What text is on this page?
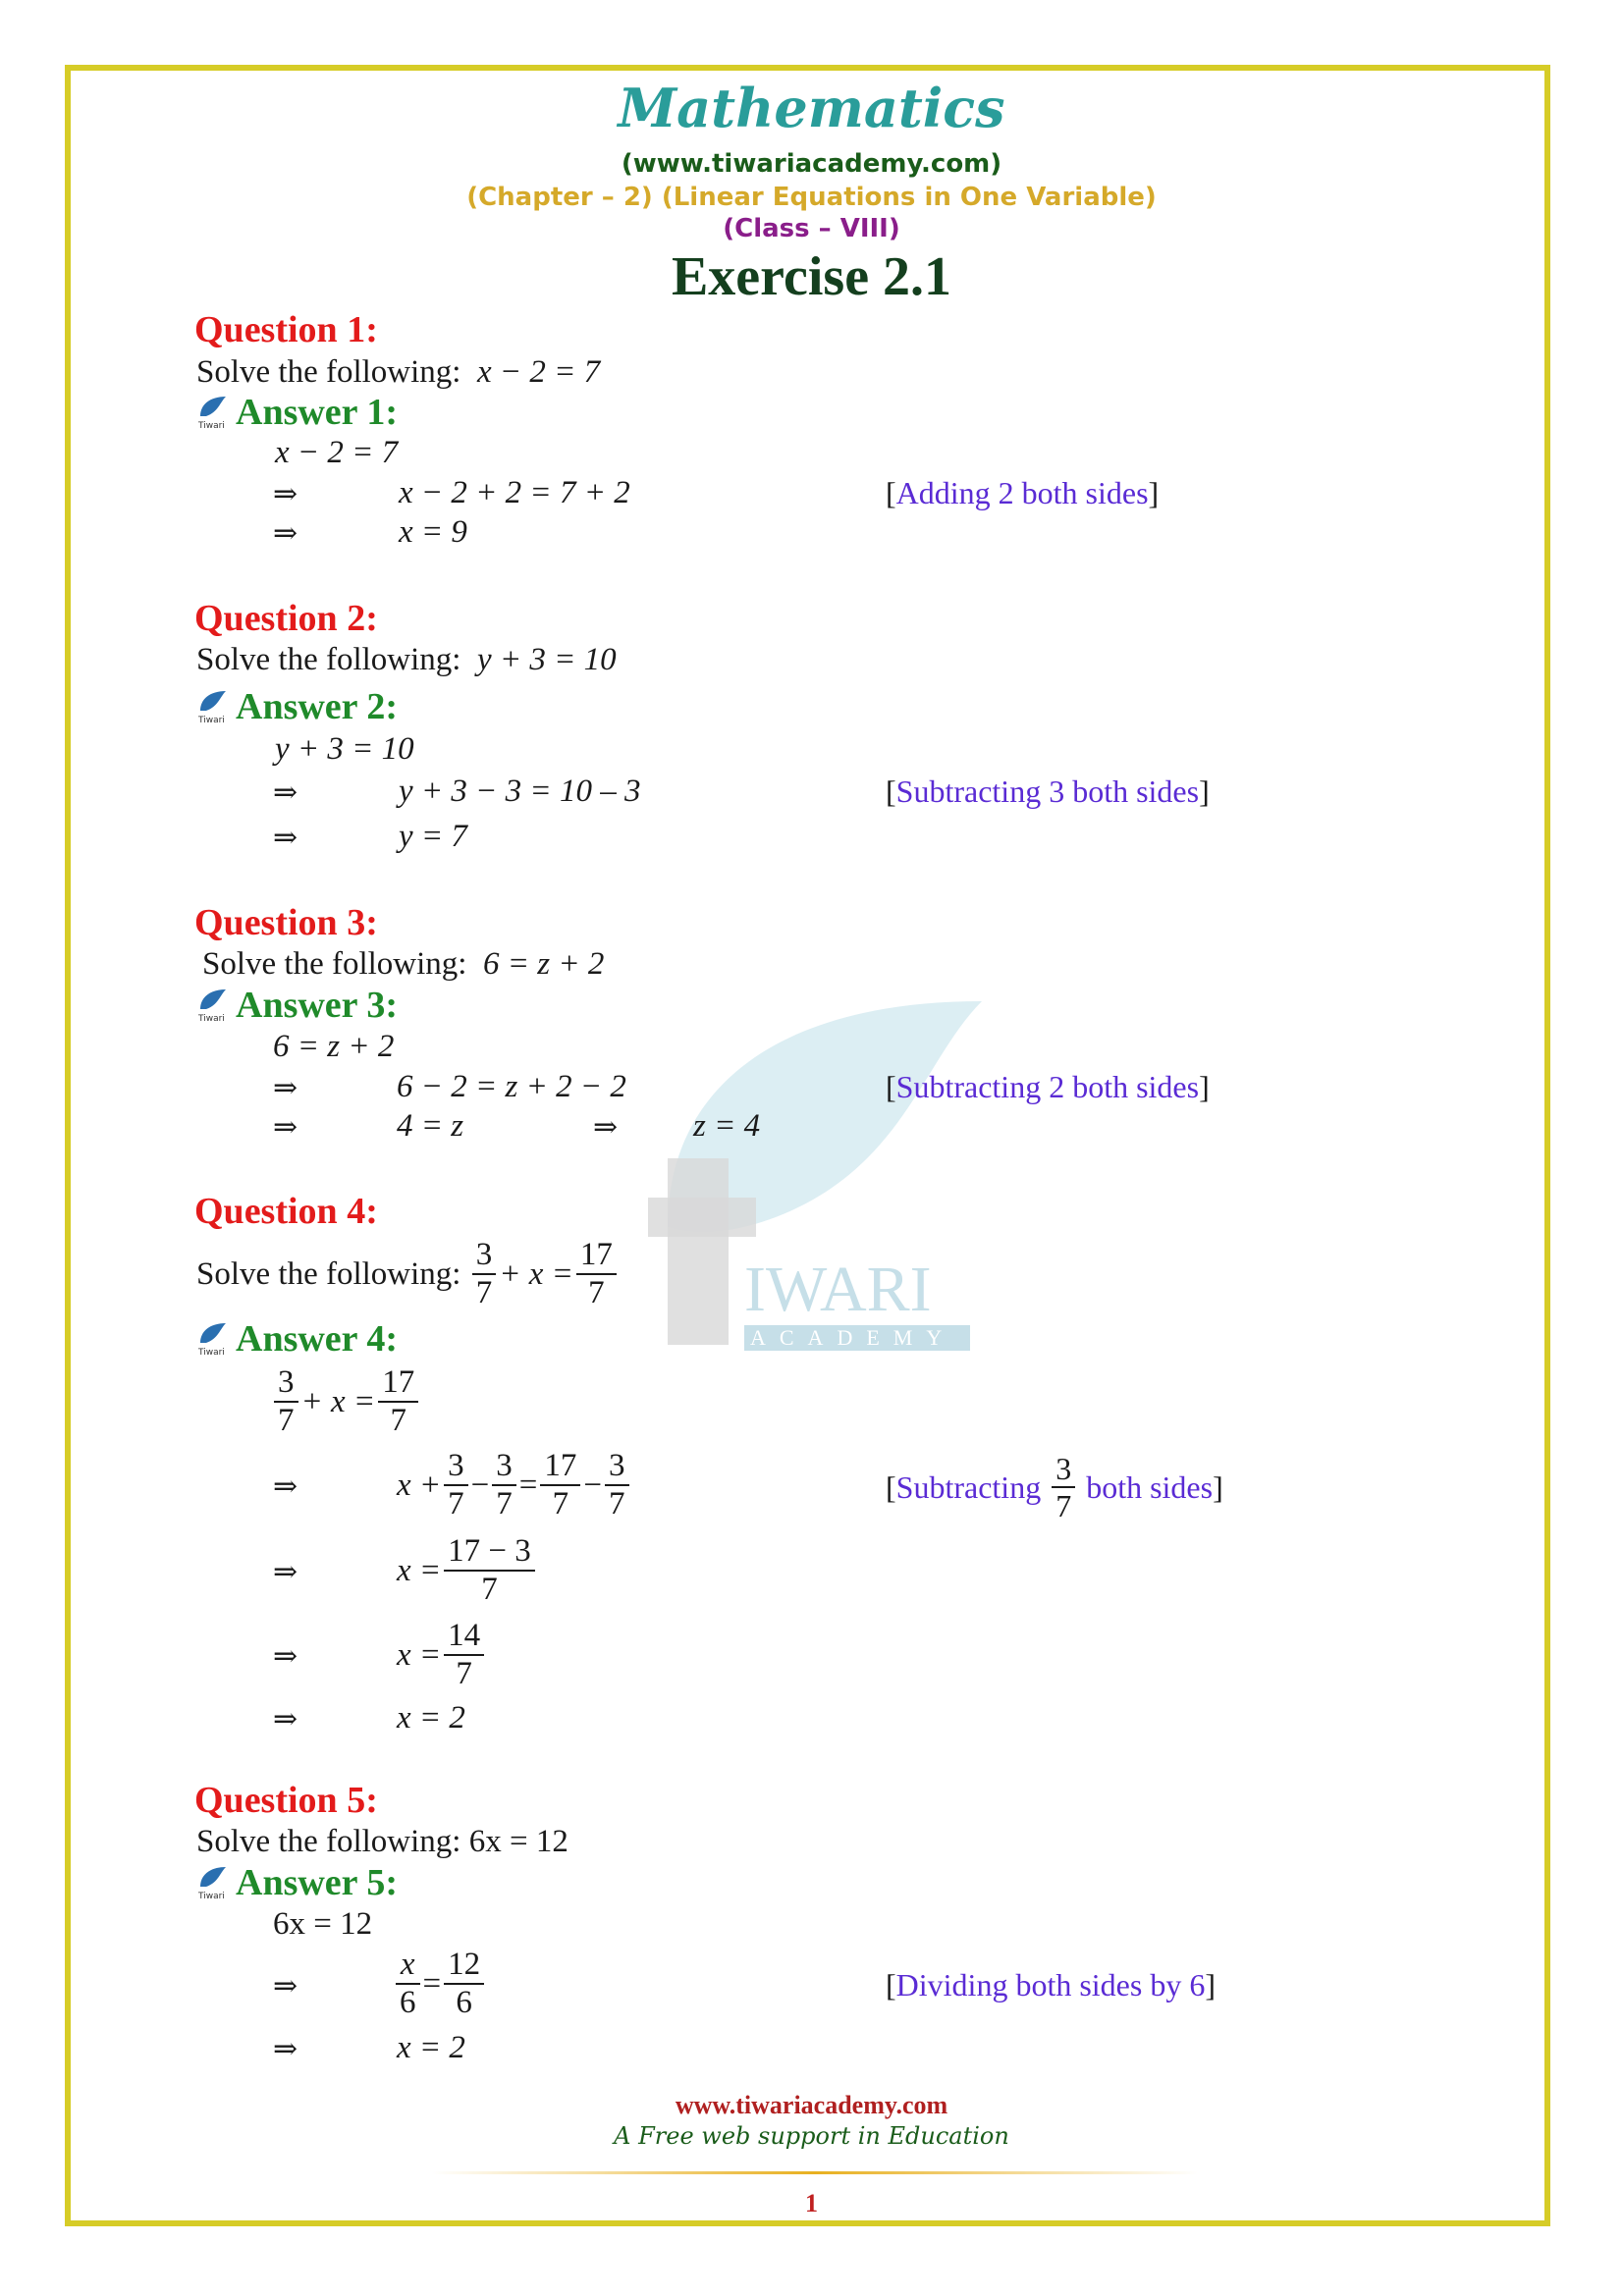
IWARI
ACADEMY
Mathematics
(www.tiwariacademy.com)
(Chapter – 2) (Linear Equations in One Variable)
(Class – VIII)
Exercise 2.1
Question 1:
Solve the following: x − 2 = 7
Tiwari Answer 1:
x − 2 = 7
⇒	x − 2 + 2 = 7 + 2	[Adding 2 both sides]
⇒	x = 9
Question 2:
Solve the following: y + 3 = 10
Tiwari Answer 2:
y + 3 = 10
⇒	y + 3 − 3 = 10 – 3	[Subtracting 3 both sides]
⇒	y = 7
Question 3:
Solve the following: 6 = z + 2
Tiwari Answer 3:
6 = z + 2
⇒	6 − 2 = z + 2 − 2	[Subtracting 2 both sides]
⇒	4 = z	⇒ z = 4
Question 4:
Solve the following:
$\frac{3}{7} + x = \frac{17}{7}$
Tiwari Answer 4:
$\frac{3}{7} + x = \frac{17}{7}$
⇒	$x + \frac{3}{7} - \frac{3}{7} = \frac{17}{7} - \frac{3}{7}$	[ Subtracting
$\frac{3}{7}$
both sides ]
⇒	$x = \frac{17 - 3}{7}$
⇒	$x = \frac{14}{7}$
⇒	x = 2
Question 5:
Solve the following: 6x = 12
Tiwari Answer 5:
6x = 12
⇒	$\frac{x}{6} = \frac{12}{6}$	[Dividing both sides by 6]
⇒	x = 2
www.tiwariacademy.com
A Free web support in Education
1
